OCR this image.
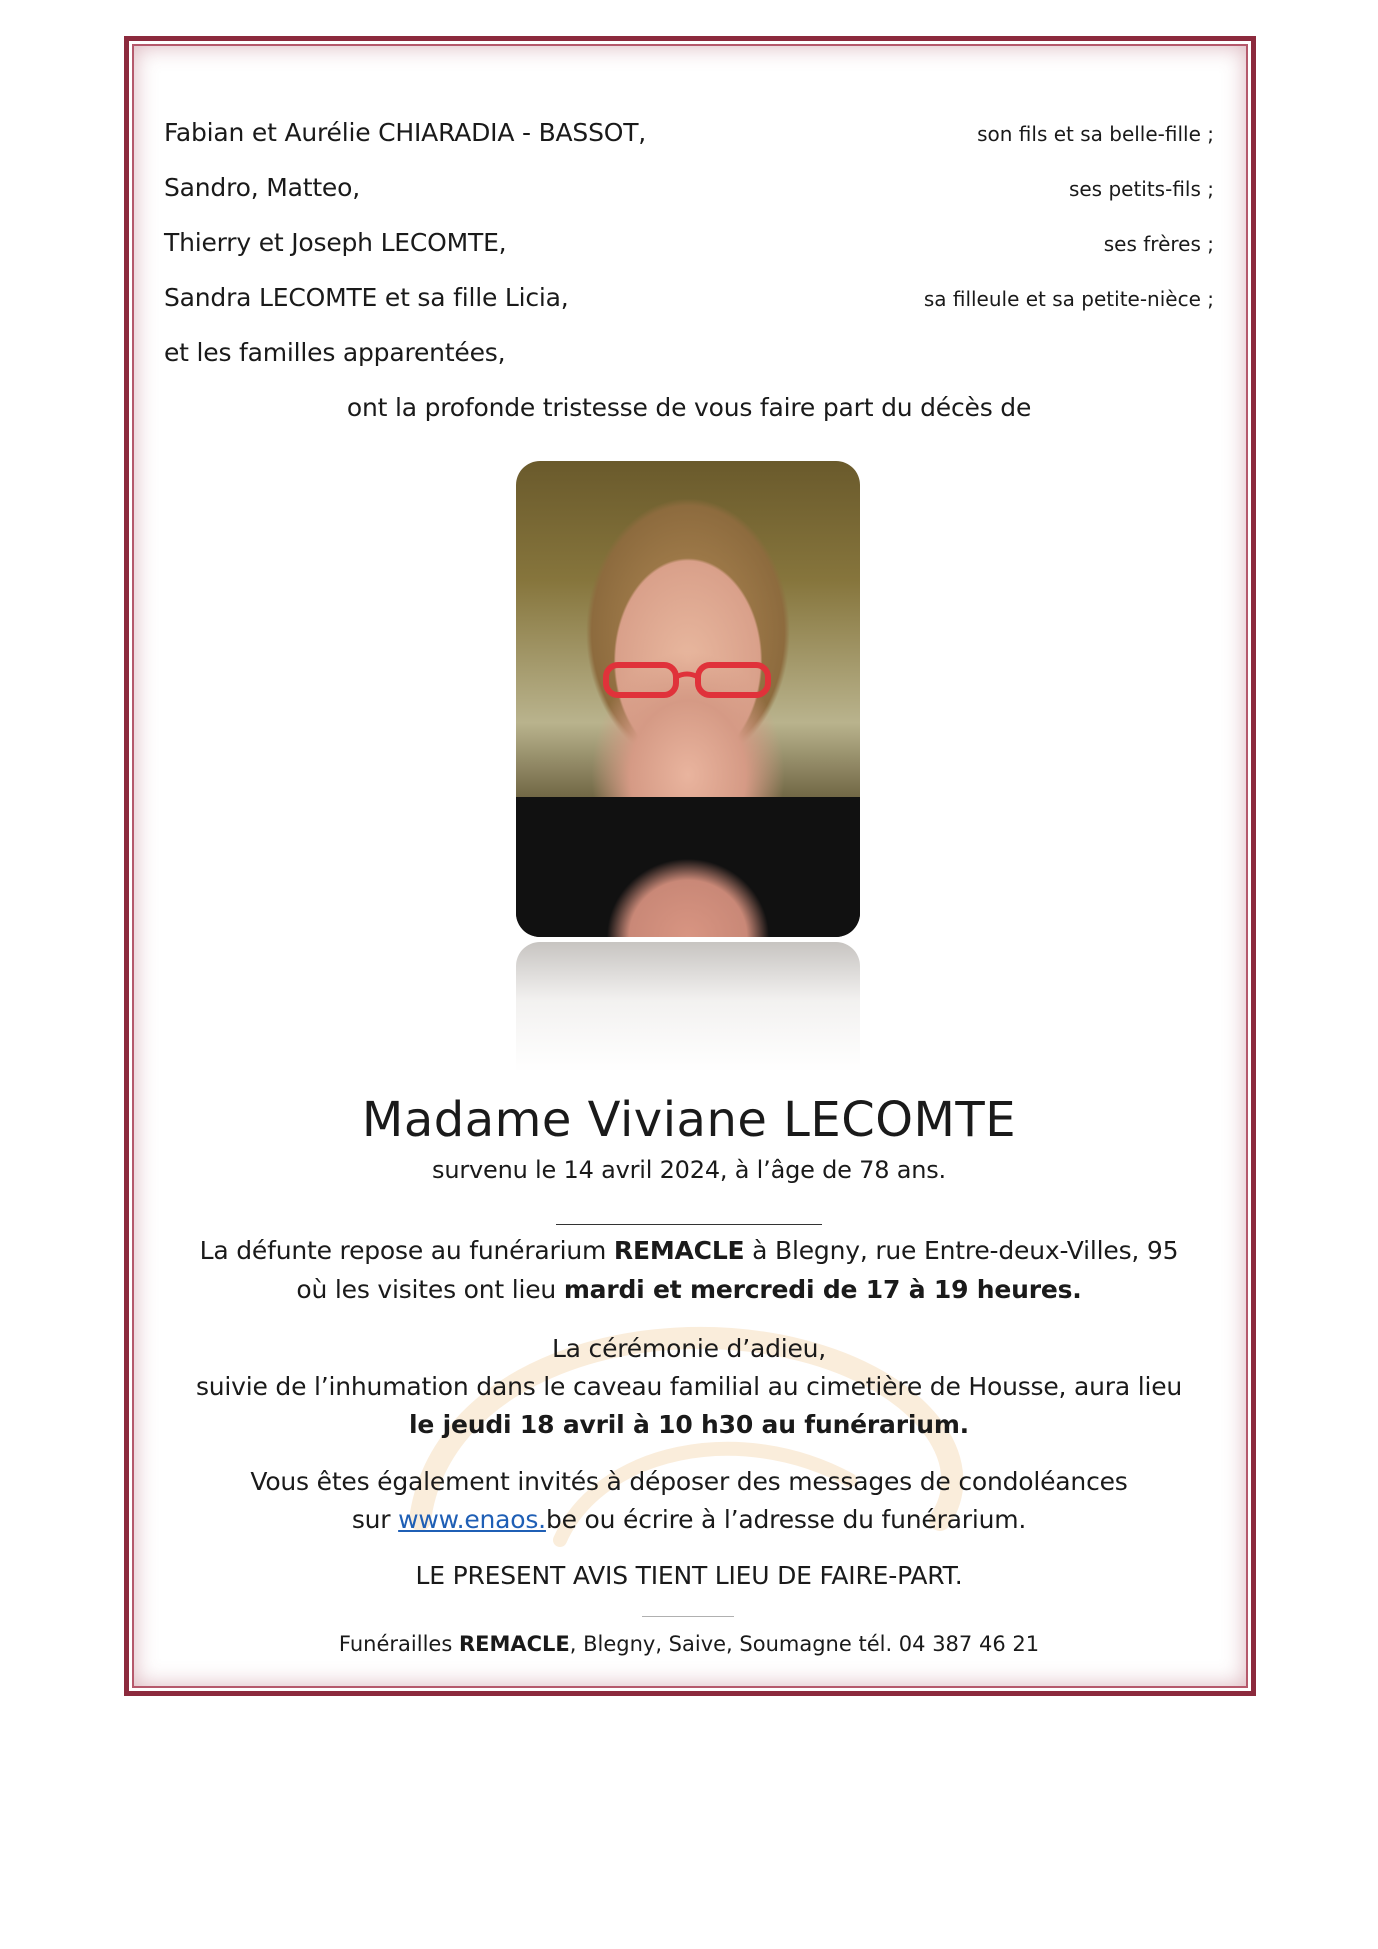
Fabian et Aurélie CHIARADIA - BASSOT,	son fils et sa belle-fille ;
Sandro, Matteo,	ses petits-fils ;
Thierry et Joseph LECOMTE,	ses frères ;
Sandra LECOMTE et sa fille Licia,	sa filleule et sa petite-nièce ;
et les familles apparentées,
ont la profonde tristesse de vous faire part du décès de
Madame Viviane LECOMTE
survenu le 14 avril 2024, à l’âge de 78 ans.
La défunte repose au funérarium REMACLE à Blegny, rue Entre-deux-Villes, 95
où les visites ont lieu mardi et mercredi de 17 à 19 heures.
La cérémonie d’adieu,
suivie de l’inhumation dans le caveau familial au cimetière de Housse, aura lieu
le jeudi 18 avril à 10 h30 au funérarium.
Vous êtes également invités à déposer des messages de condoléances
sur www.enaos.be ou écrire à l’adresse du funérarium.
LE PRESENT AVIS TIENT LIEU DE FAIRE-PART.
Funérailles REMACLE, Blegny, Saive, Soumagne tél. 04 387 46 21
